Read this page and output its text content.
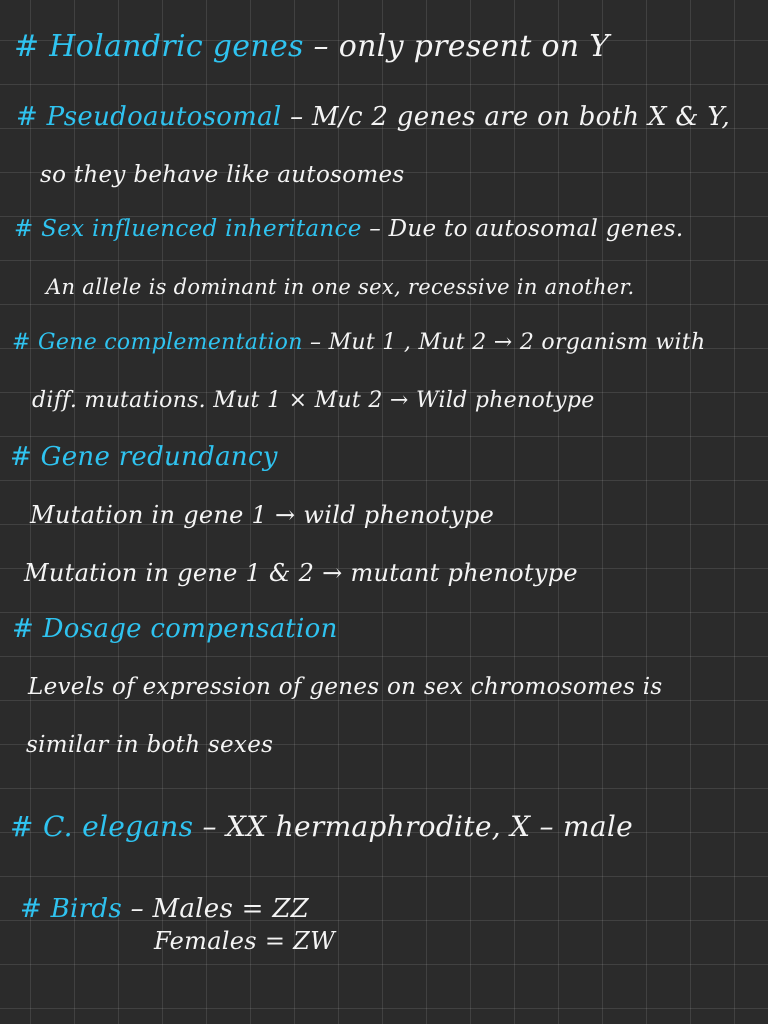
# Holandric genes – only present on Y
# Pseudoautosomal – M/c 2 genes are on both X & Y,
so they behave like autosomes
# Sex influenced inheritance – Due to autosomal genes.
An allele is dominant in one sex, recessive in another.
# Gene complementation – Mut 1 , Mut 2 → 2 organism with
diff. mutations. Mut 1 × Mut 2 → Wild phenotype
# Gene redundancy
Mutation in gene 1 → wild phenotype
Mutation in gene 1 & 2 → mutant phenotype
# Dosage compensation
Levels of expression of genes on sex chromosomes is
similar in both sexes
# C. elegans – XX hermaphrodite, X – male
# Birds – Males = ZZ
Females = ZW
